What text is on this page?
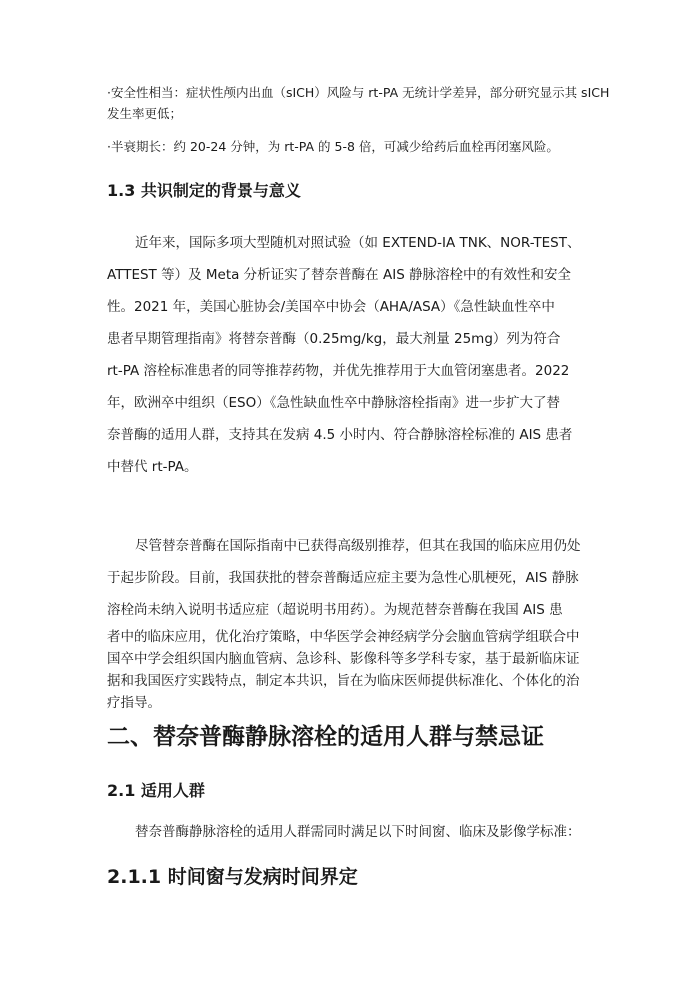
·安全性相当：症状性颅内出血（sICH）风险与 rt-PA 无统计学差异，部分研究显示其 sICH
发生率更低；
·半衰期长：约 20-24 分钟，为 rt-PA 的 5-8 倍，可减少给药后血栓再闭塞风险。
1.3 共识制定的背景与意义
近年来，国际多项大型随机对照试验（如 EXTEND-IA TNK、NOR-TEST、
ATTEST 等）及 Meta 分析证实了替奈普酶在 AIS 静脉溶栓中的有效性和安全
性。2021 年，美国心脏协会/美国卒中协会（AHA/ASA）《急性缺血性卒中
患者早期管理指南》将替奈普酶（0.25mg/kg，最大剂量 25mg）列为符合
rt-PA 溶栓标准患者的同等推荐药物，并优先推荐用于大血管闭塞患者。2022
年，欧洲卒中组织（ESO）《急性缺血性卒中静脉溶栓指南》进一步扩大了替
奈普酶的适用人群，支持其在发病 4.5 小时内、符合静脉溶栓标准的 AIS 患者
中替代 rt-PA。
尽管替奈普酶在国际指南中已获得高级别推荐，但其在我国的临床应用仍处
于起步阶段。目前，我国获批的替奈普酶适应症主要为急性心肌梗死，AIS 静脉
溶栓尚未纳入说明书适应症（超说明书用药）。为规范替奈普酶在我国 AIS 患
者中的临床应用，优化治疗策略，中华医学会神经病学分会脑血管病学组联合中
国卒中学会组织国内脑血管病、急诊科、影像科等多学科专家，基于最新临床证
据和我国医疗实践特点，制定本共识，旨在为临床医师提供标准化、个体化的治
疗指导。
二、替奈普酶静脉溶栓的适用人群与禁忌证
2.1 适用人群

替奈普酶静脉溶栓的适用人群需同时满足以下时间窗、临床及影像学标准：

2.1.1 时间窗与发病时间界定
